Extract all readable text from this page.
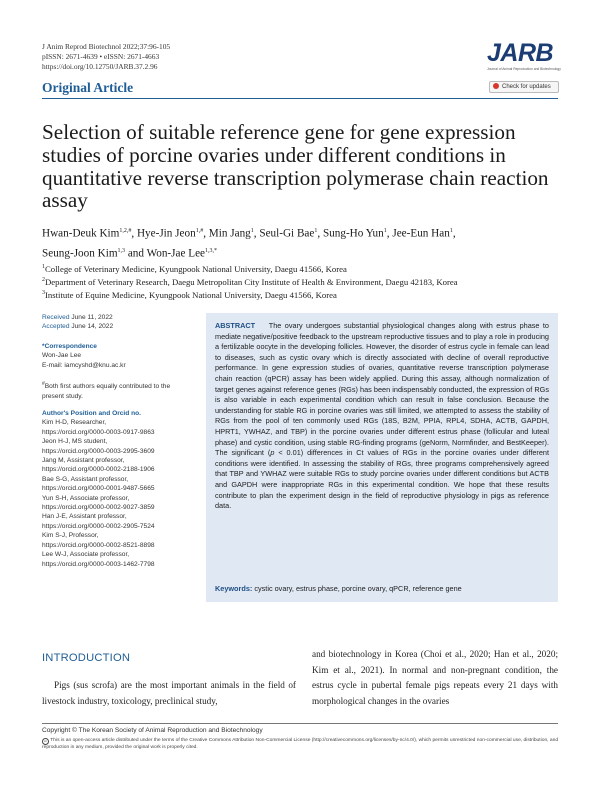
J Anim Reprod Biotechnol 2022;37:96-105
pISSN: 2671-4639 • eISSN: 2671-4663
https://doi.org/10.12750/JARB.37.2.96	JARB
Journal of Animal Reproduction and Biotechnology
Check for updates
Original Article
Selection of suitable reference gene for gene expression studies of porcine ovaries under different conditions in quantitative reverse transcription polymerase chain reaction assay
Hwan-Deuk Kim$^{1,2,\#}$, Hye-Jin Jeon$^{1,\#}$, Min Jang$^1$, Seul-Gi Bae$^1$, Sung-Ho Yun$^1$, Jee-Eun Han$^1$,
Seung-Joon Kim$^{1,3}$ and Won-Jae Lee$^{1,3,*}$
$^1$College of Veterinary Medicine, Kyungpook National University, Daegu 41566, Korea
$^2$Department of Veterinary Research, Daegu Metropolitan City Institute of Health & Environment, Daegu 42183, Korea
$^3$Institute of Equine Medicine, Kyungpook National University, Daegu 41566, Korea
Received June 11, 2022
Accepted June 14, 2022
*Correspondence
Won-Jae Lee
E-mail: iamcyshd@knu.ac.kr
#Both first authors equally contributed to the present study.
Author's Position and Orcid no.
Kim H-D, Researcher,
https://orcid.org/0000-0003-0917-9863
Jeon H-J, MS student,
https://orcid.org/0000-0003-2995-3609
Jang M, Assistant professor,
https://orcid.org/0000-0002-2188-1906
Bae S-G, Assistant professor,
https://orcid.org/0000-0001-9487-5665
Yun S-H, Associate professor,
https://orcid.org/0000-0002-9027-3859
Han J-E, Assistant professor,
https://orcid.org/0000-0002-2905-7524
Kim S-J, Professor,
https://orcid.org/0000-0002-8521-8898
Lee W-J, Associate professor,
https://orcid.org/0000-0003-1462-7798
ABSTRACT The ovary undergoes substantial physiological changes along with estrus phase to mediate negative/positive feedback to the upstream reproductive tissues and to play a role in producing a fertilizable oocyte in the developing follicles. However, the disorder of estrus cycle in female can lead to diseases, such as cystic ovary which is directly associated with decline of overall reproductive performance. In gene expression studies of ovaries, quantitative reverse transcription polymerase chain reaction (qPCR) assay has been widely applied. During this assay, although normalization of target genes against reference genes (RGs) has been indispensably conducted, the expression of RGs is also variable in each experimental condition which can result in false conclusion. Because the understanding for stable RG in porcine ovaries was still limited, we attempted to assess the stability of RGs from the pool of ten commonly used RGs (18S, B2M, PPIA, RPL4, SDHA, ACTB, GAPDH, HPRT1, YWHAZ, and TBP) in the porcine ovaries under different estrus phase (follicular and luteal phase) and cystic condition, using stable RG-finding programs (geNorm, Normfinder, and BestKeeper). The significant (p < 0.01) differences in Ct values of RGs in the porcine ovaries under different conditions were identified. In assessing the stability of RGs, three programs comprehensively agreed that TBP and YWHAZ were suitable RGs to study porcine ovaries under different conditions but ACTB and GAPDH were inappropriate RGs in this experimental condition. We hope that these results contribute to plan the experiment design in the field of reproductive physiology in pigs as reference data.
Keywords: cystic ovary, estrus phase, porcine ovary, qPCR, reference gene
INTRODUCTION
Pigs (sus scrofa) are the most important animals in the field of livestock industry, toxicology, preclinical study,
and biotechnology in Korea (Choi et al., 2020; Han et al., 2020; Kim et al., 2021). In normal and non-pregnant condition, the estrus cycle in pubertal female pigs repeats every 21 days with morphological changes in the ovaries
Copyright © The Korean Society of Animal Reproduction and Biotechnology
cc This is an open-access article distributed under the terms of the Creative Commons Attribution Non-Commercial License (http://creativecommons.org/licenses/by-nc/4.0/), which permits unrestricted non-commercial use, distribution, and reproduction in any medium, provided the original work is properly cited.
